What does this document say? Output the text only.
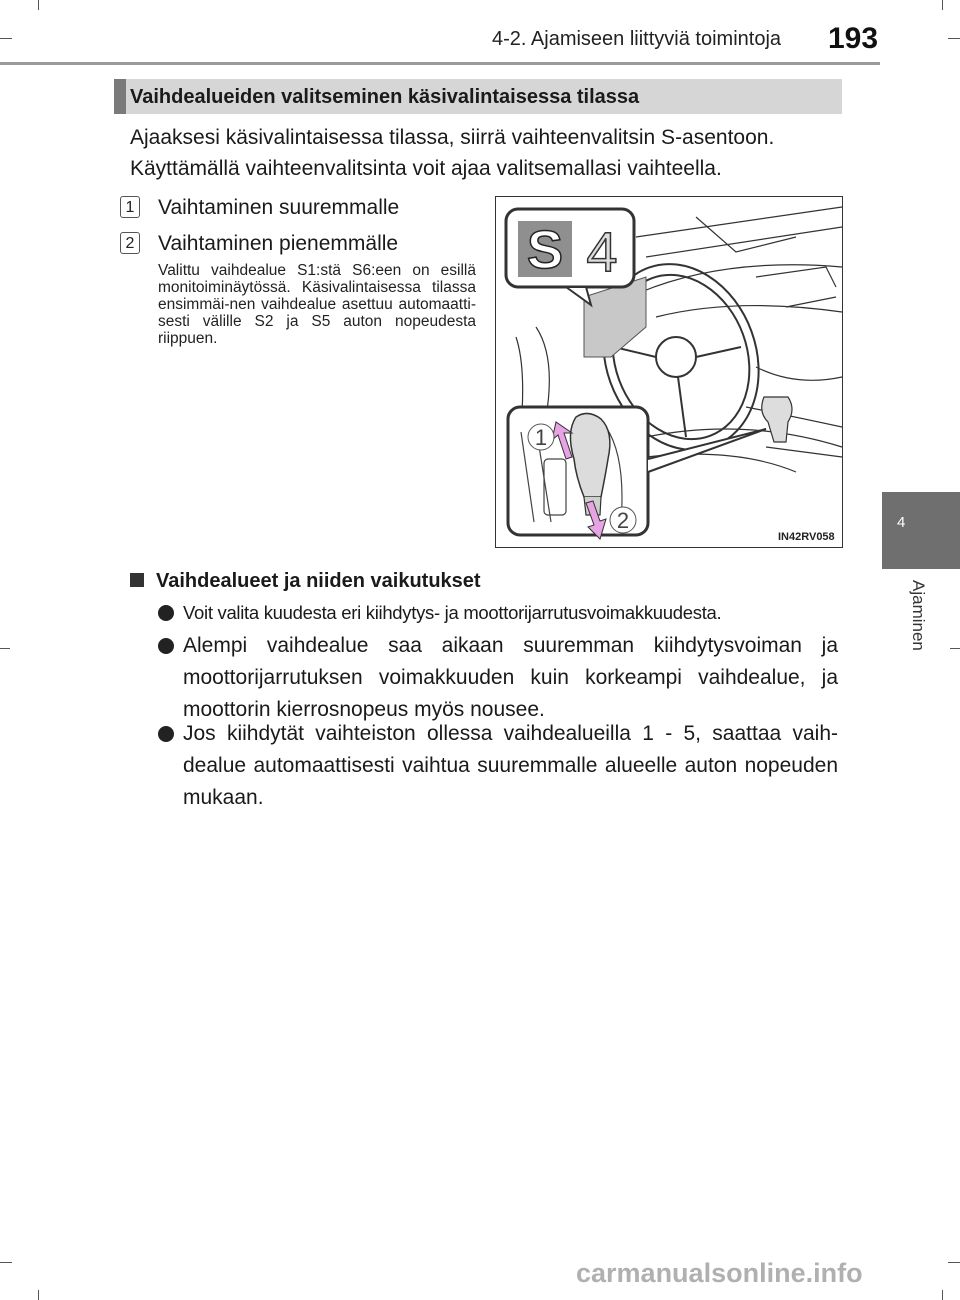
4-2. Ajamiseen liittyviä toimintoja 193
4
Ajaminen
Vaihdealueiden valitseminen käsivalintaisessa tilassa
Ajaaksesi käsivalintaisessa tilassa, siirrä vaihteenvalitsin S-asentoon.
Käyttämällä vaihteenvalitsinta voit ajaa valitsemallasi vaihteella.
1 Vaihtaminen suuremmalle
2 Vaihtaminen pienemmälle
Valittu vaihdealue S1:stä S6:een on esillä monitoiminäytössä. Käsivalintaisessa tilassa ensimmäi-nen vaihdealue asettuu automaatti-sesti välille S2 ja S5 auton nopeudesta riippuen.
S 4
1
2
IN42RV058
Vaihdealueet ja niiden vaikutukset
Voit valita kuudesta eri kiihdytys- ja moottorijarrutusvoimakkuudesta.
Alempi vaihdealue saa aikaan suuremman kiihdytysvoiman ja moottorijarrutuksen voimakkuuden kuin korkeampi vaihdealue, ja moottorin kierrosnopeus myös nousee.
Jos kiihdytät vaihteiston ollessa vaihdealueilla 1 - 5, saattaa vaih-dealue automaattisesti vaihtua suuremmalle alueelle auton nopeuden mukaan.
carmanualsonline.info
